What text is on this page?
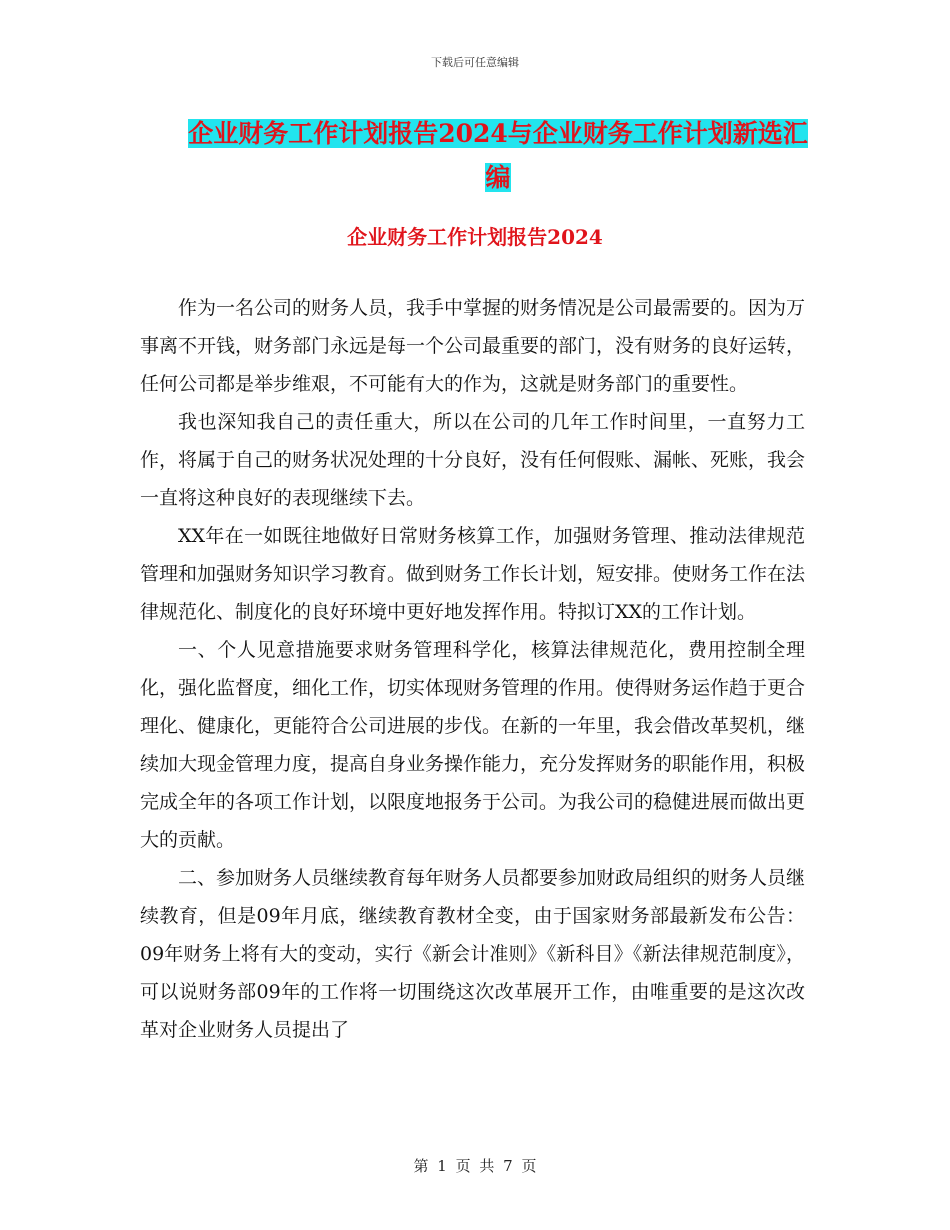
下载后可任意编辑
企业财务工作计划报告2024与企业财务工作计划新选汇编
企业财务工作计划报告2024

作为一名公司的财务人员，我手中掌握的财务情况是公司最需要的。因为万事离不开钱，财务部门永远是每一个公司最重要的部门，没有财务的良好运转，任何公司都是举步维艰，不可能有大的作为，这就是财务部门的重要性。

我也深知我自己的责任重大，所以在公司的几年工作时间里，一直努力工作，将属于自己的财务状况处理的十分良好，没有任何假账、漏帐、死账，我会一直将这种良好的表现继续下去。

XX年在一如既往地做好日常财务核算工作，加强财务管理、推动法律规范管理和加强财务知识学习教育。做到财务工作长计划，短安排。使财务工作在法律规范化、制度化的良好环境中更好地发挥作用。特拟订XX的工作计划。

一、个人见意措施要求财务管理科学化，核算法律规范化，费用控制全理化，强化监督度，细化工作，切实体现财务管理的作用。使得财务运作趋于更合理化、健康化，更能符合公司进展的步伐。在新的一年里，我会借改革契机，继续加大现金管理力度，提高自身业务操作能力，充分发挥财务的职能作用，积极完成全年的各项工作计划，以限度地报务于公司。为我公司的稳健进展而做出更大的贡献。

二、参加财务人员继续教育每年财务人员都要参加财政局组织的财务人员继续教育，但是09年月底，继续教育教材全变，由于国家财务部最新发布公告：09年财务上将有大的变动，实行《新会计准则》《新科目》《新法律规范制度》，可以说财务部09年的工作将一切围绕这次改革展开工作，由唯重要的是这次改革对企业财务人员提出了

第 1 页 共 7 页
